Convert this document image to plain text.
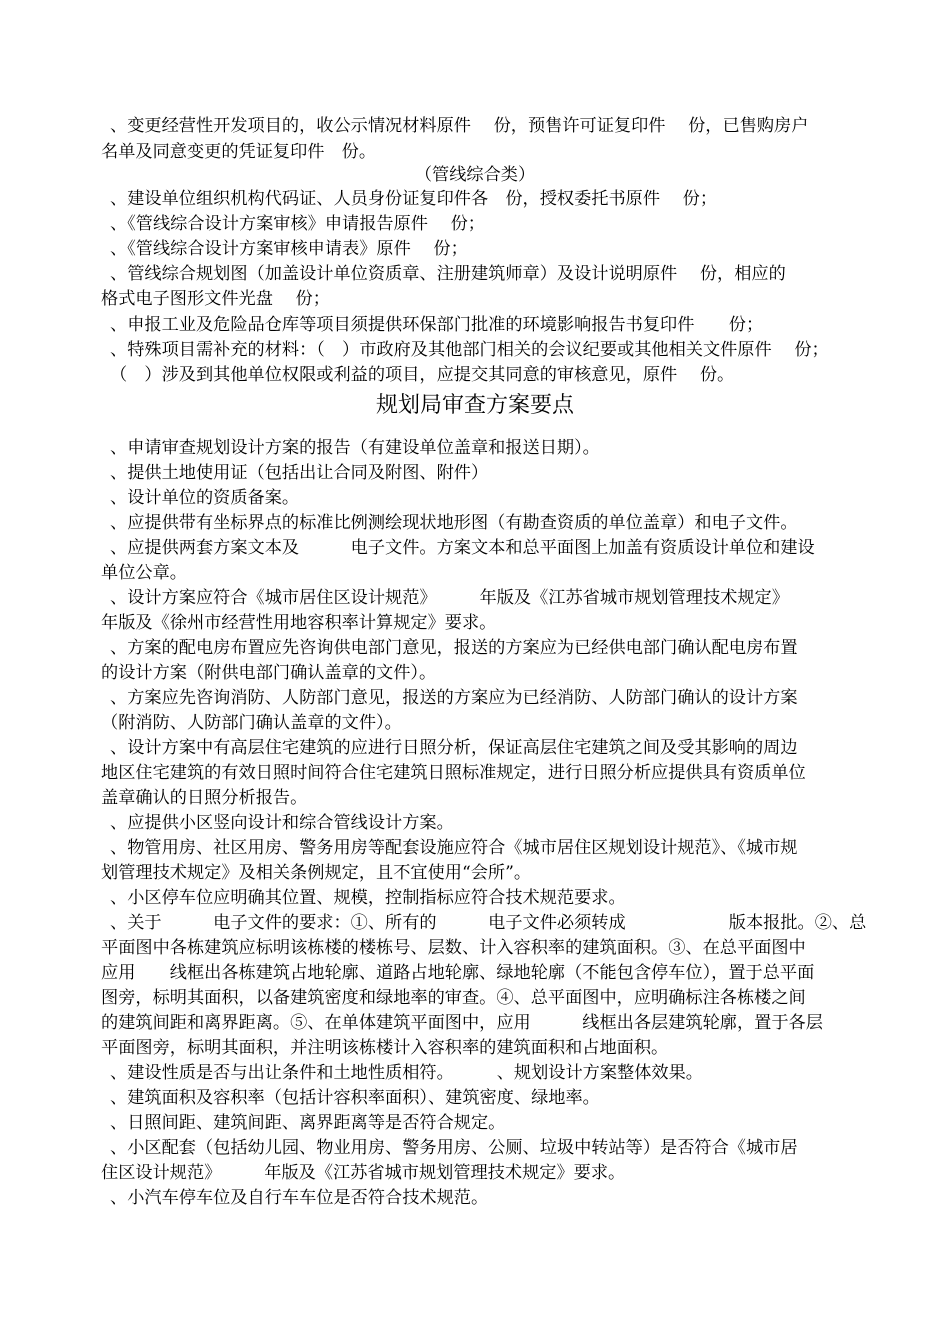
、变更经营性开发项目的，收公示情况材料原件　 份，预售许可证复印件　 份，已售购房户
名单及同意变更的凭证复印件　份。
（管线综合类）
、建设单位组织机构代码证、人员身份证复印件各　份，授权委托书原件　 份；
、《管线综合设计方案审核》申请报告原件　 份；
、《管线综合设计方案审核申请表》原件　 份；
、管线综合规划图（加盖设计单位资质章、注册建筑师章）及设计说明原件　 份，相应的
格式电子图形文件光盘　 份；
、申报工业及危险品仓库等项目须提供环保部门批准的环境影响报告书复印件　　份；
、特殊项目需补充的材料：（　）市政府及其他部门相关的会议纪要或其他相关文件原件　 份；
（　）涉及到其他单位权限或利益的项目，应提交其同意的审核意见，原件　 份。
规划局审查方案要点
、申请审查规划设计方案的报告（有建设单位盖章和报送日期）。
、提供土地使用证（包括出让合同及附图、附件）
、设计单位的资质备案。
、应提供带有坐标界点的标准比例测绘现状地形图（有勘查资质的单位盖章）和电子文件。
、应提供两套方案文本及　　　电子文件。方案文本和总平面图上加盖有资质设计单位和建设
单位公章。
、设计方案应符合《城市居住区设计规范》　　　年版及《江苏省城市规划管理技术规定》
年版及《徐州市经营性用地容积率计算规定》要求。
、方案的配电房布置应先咨询供电部门意见，报送的方案应为已经供电部门确认配电房布置
的设计方案（附供电部门确认盖章的文件）。
、方案应先咨询消防、人防部门意见，报送的方案应为已经消防、人防部门确认的设计方案
（附消防、人防部门确认盖章的文件）。
、设计方案中有高层住宅建筑的应进行日照分析，保证高层住宅建筑之间及受其影响的周边
地区住宅建筑的有效日照时间符合住宅建筑日照标准规定，进行日照分析应提供具有资质单位
盖章确认的日照分析报告。
、应提供小区竖向设计和综合管线设计方案。
、物管用房、社区用房、警务用房等配套设施应符合《城市居住区规划设计规范》、《城市规
划管理技术规定》及相关条例规定，且不宜使用“会所”。
、小区停车位应明确其位置、规模，控制指标应符合技术规范要求。
、关于　　　电子文件的要求：①、所有的　　　电子文件必须转成　　　　　　版本报批。②、总
平面图中各栋建筑应标明该栋楼的楼栋号、层数、计入容积率的建筑面积。③、在总平面图中
应用　　线框出各栋建筑占地轮廓、道路占地轮廓、绿地轮廓（不能包含停车位），置于总平面
图旁，标明其面积，以备建筑密度和绿地率的审查。④、总平面图中，应明确标注各栋楼之间
的建筑间距和离界距离。⑤、在单体建筑平面图中，应用　　　线框出各层建筑轮廓，置于各层
平面图旁，标明其面积，并注明该栋楼计入容积率的建筑面积和占地面积。
、建设性质是否与出让条件和土地性质相符。　　　、规划设计方案整体效果。
、建筑面积及容积率（包括计容积率面积）、建筑密度、绿地率。
、日照间距、建筑间距、离界距离等是否符合规定。
、小区配套（包括幼儿园、物业用房、警务用房、公厕、垃圾中转站等）是否符合《城市居
住区设计规范》　　　年版及《江苏省城市规划管理技术规定》要求。
、小汽车停车位及自行车车位是否符合技术规范。
